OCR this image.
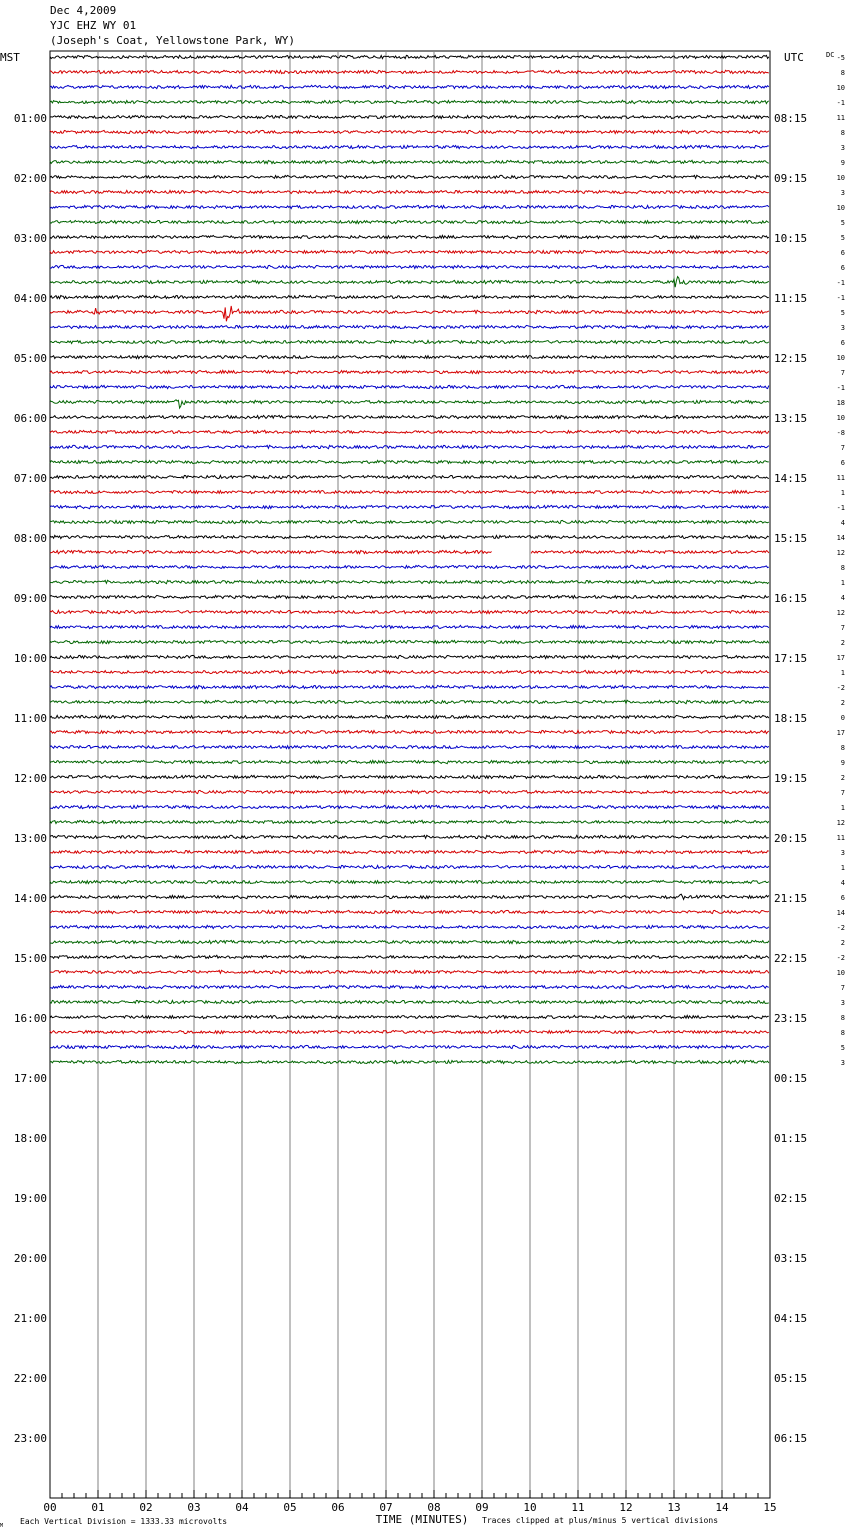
Dec 4,2009
YJC EHZ WY 01
(Joseph's Coat, Yellowstone Park, WY)
MST	UTC	DC
01:00
02:00
03:00
04:00
05:00
06:00
07:00
08:00
09:00
10:00
11:00
12:00
13:00
14:00
15:00
16:00
17:00
18:00
19:00
20:00
21:00
22:00
23:00
08:15
09:15
10:15
11:15
12:15
13:15
14:15
15:15
16:15
17:15
18:15
19:15
20:15
21:15
22:15
23:15
00:15
01:15
02:15
03:15
04:15
05:15
06:15
-5
8
10
-1
11
8
3
9
10
3
10
5
5
6
6
-1
-1
5
3
6
10
7
-1
18
10
-8
7
6
11
1
-1
4
14
12
8
1
4
12
7
2
17
1
-2
2
0
17
8
9
2
7
1
12
11
3
1
4
6
14
-2
2
-2
10
7
3
8
8
5
3
00	01	02	03	04	05	06	07	08	09	10	11	12	13	14	15
M Each Vertical Division = 1333.33 microvolts	TIME (MINUTES) Traces clipped at plus/minus 5 vertical divisions
